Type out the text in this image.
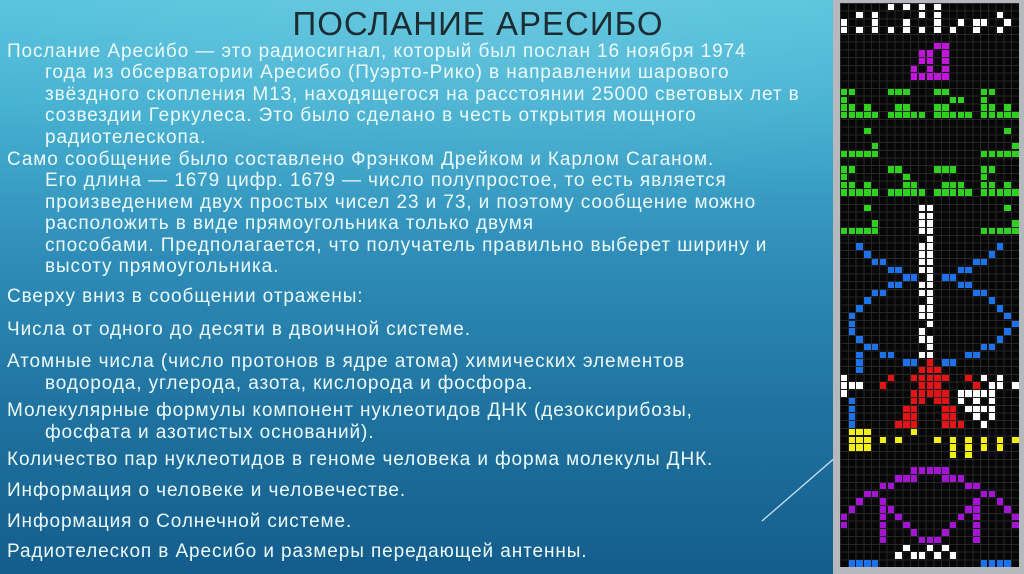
ПОСЛАНИЕ АРЕСИБО
Послание Ареси́бо — это радиосигнал, который был послан 16 ноября 1974
года из обсерватории Аресибо (Пуэрто-Рико) в направлении шарового
звёздного скопления М13, находящегося на расстоянии 25000 световых лет в
созвездии Геркулеса. Это было сделано в честь открытия мощного
радиотелескопа.
Само сообщение было составлено Фрэнком Дрейком и Карлом Саганом.
Его длина — 1679 цифр. 1679 — число полупростое, то есть является
произведением двух простых чисел 23 и 73, и поэтому сообщение можно
расположить в виде прямоугольника только двумя
способами. Предполагается, что получатель правильно выберет ширину и
высоту прямоугольника.
Сверху вниз в сообщении отражены:
Числа от одного до десяти в двоичной системе.
Атомные числа (число протонов в ядре атома) химических элементов
водорода, углерода, азота, кислорода и фосфора.
Молекулярные формулы компонент нуклеотидов ДНК (дезоксирибозы,
фосфата и азотистых оснований).
Количество пар нуклеотидов в геноме человека и форма молекулы ДНК.
Информация о человеке и человечестве.
Информация о Солнечной системе.
Радиотелескоп в Аресибо и размеры передающей антенны.
